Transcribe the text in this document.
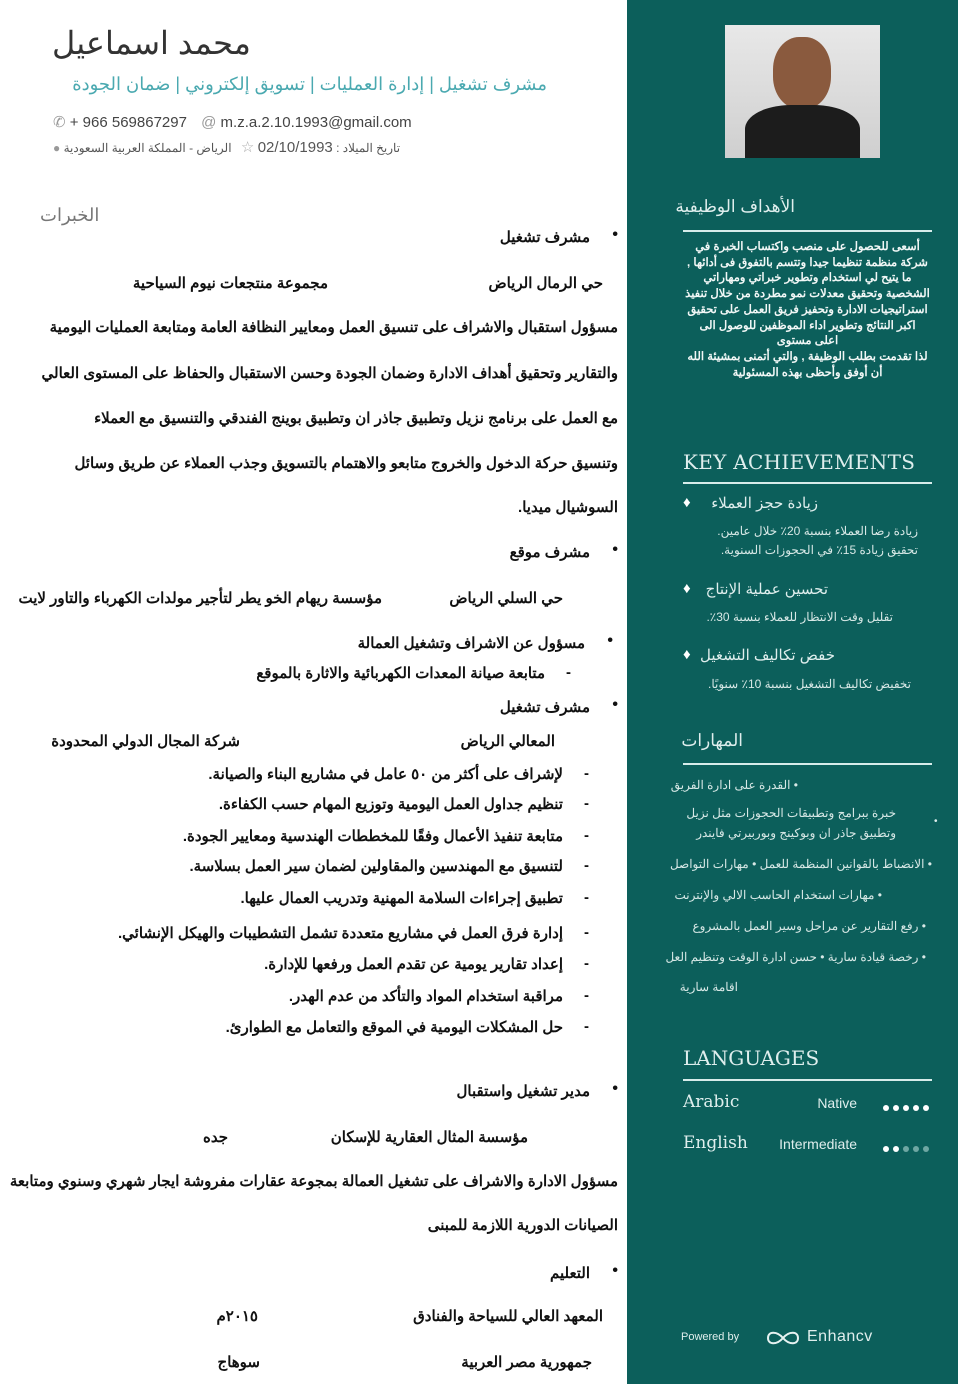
محمد اسماعيل
مشرف تشغيل | إدارة العمليات | تسويق إلكتروني | ضمان الجودة
✆ + 966 569867297 @ m.z.a.2.10.1993@gmail.com
● الرياض - المملكة العربية السعودية ☆ 02/10/1993 تاريخ الميلاد :
الخبرات
مشرف تشغيل •
حي الرمال الرياض
مجموعة منتجعات نيوم السياحية
مسؤول استقبال والاشراف على تنسيق العمل ومعايير النظافة العامة ومتابعة العمليات اليومية
والتقارير وتحقيق أهداف الادارة وضمان الجودة وحسن الاستقبال والحفاظ على المستوى العالي
مع العمل على برنامج نزيل وتطبيق جاذر ان وتطبيق بوينج الفندقي والتنسيق مع العملاء
وتنسيق حركة الدخول والخروج متابعو والاهتمام بالتسويق وجذب العملاء عن طريق وسائل
السوشيال ميديا.
مشرف موقع •
حي السلي الرياض
مؤسسة ريهام الخو يطر لتأجير مولدات الكهرباء والتاور لايت
مسؤول عن الاشراف وتشغيل العمالة •
متابعة صيانة المعدات الكهربائية والاثارة بالموقع -
مشرف تشغيل •
المعالي الرياض
شركة المجال الدولي المحدودة
لإشراف على أكثر من ٥٠ عامل في مشاريع البناء والصيانة. -
تنظيم جداول العمل اليومية وتوزيع المهام حسب الكفاءة. -
متابعة تنفيذ الأعمال وفقًا للمخططات الهندسية ومعايير الجودة. -
لتنسيق مع المهندسين والمقاولين لضمان سير العمل بسلاسة. -
تطبيق إجراءات السلامة المهنية وتدريب العمال عليها. -
إدارة فرق العمل في مشاريع متعددة تشمل التشطيبات والهيكل الإنشائي. -
إعداد تقارير يومية عن تقدم العمل ورفعها للإدارة. -
مراقبة استخدام المواد والتأكد من عدم الهدر. -
حل المشكلات اليومية في الموقع والتعامل مع الطوارئ. -
مدير تشغيل واستقبال •
مؤسسة المثال العقارية للإسكان
جده
مسؤول الادارة والاشراف على تشغيل العمالة بمجوعة عقارات مفروشة ايجار شهري وسنوي ومتابعة
الصيانات الدورية اللازمة للمبنى
التعليم •
المعهد العالي للسياحة والفنادق
٢٠١٥م
جمهورية مصر العربية
سوهاج
الأهداف الوظيفية
أسعى للحصول على منصب واكتساب الخبرة في
شركة منظمة تنظيما جيدا وتتسم بالتفوق فى أدائها ,
ما يتيح لي استخدام وتطوير خبراتي ومهاراتي
الشخصية وتحقيق معدلات نمو مطردة من خلال تنفيذ
استراتيجيات الادارة وتحفيز فريق العمل على تحقيق
اكبر النتائج وتطوير اداء الموظفين للوصول الى
اعلى مستوى
لذا تقدمت بطلب الوظيفة , والتي أتمنى بمشيئة الله
أن أوفق وأحظى بهذه المسئولية
KEY ACHIEVEMENTS
♦ زيادة حجز العملاء
زيادة رضا العملاء بنسبة 20٪ خلال عامين.
تحقيق زيادة 15٪ في الحجوزات السنوية.
♦ تحسين عملية الإنتاج
تقليل وقت الانتظار للعملاء بنسبة 30٪.
♦ خفض تكاليف التشغيل
تخفيض تكاليف التشغيل بنسبة 10٪ سنويًا.
المهارات
• القدرة على ادارة الفريق
خبرة ببرامج وتطبيقات الحجوزات مثل نزيل
وتطبيق جاذر ان وبوكينج وبوربيرتي فايندر
•
• الانضباط بالقوانين المنظمة للعمل • مهارات التواصل
• مهارات استخدام الحاسب الالي والإنترنت
• رفع التقارير عن مراحل وسير العمل بالمشروع
• رخصة قيادة سارية • حسن ادارة الوقت وتنظيم العل
اقامة سارية
LANGUAGES
Arabic	Native
English Intermediate
Powered by	Enhancv
